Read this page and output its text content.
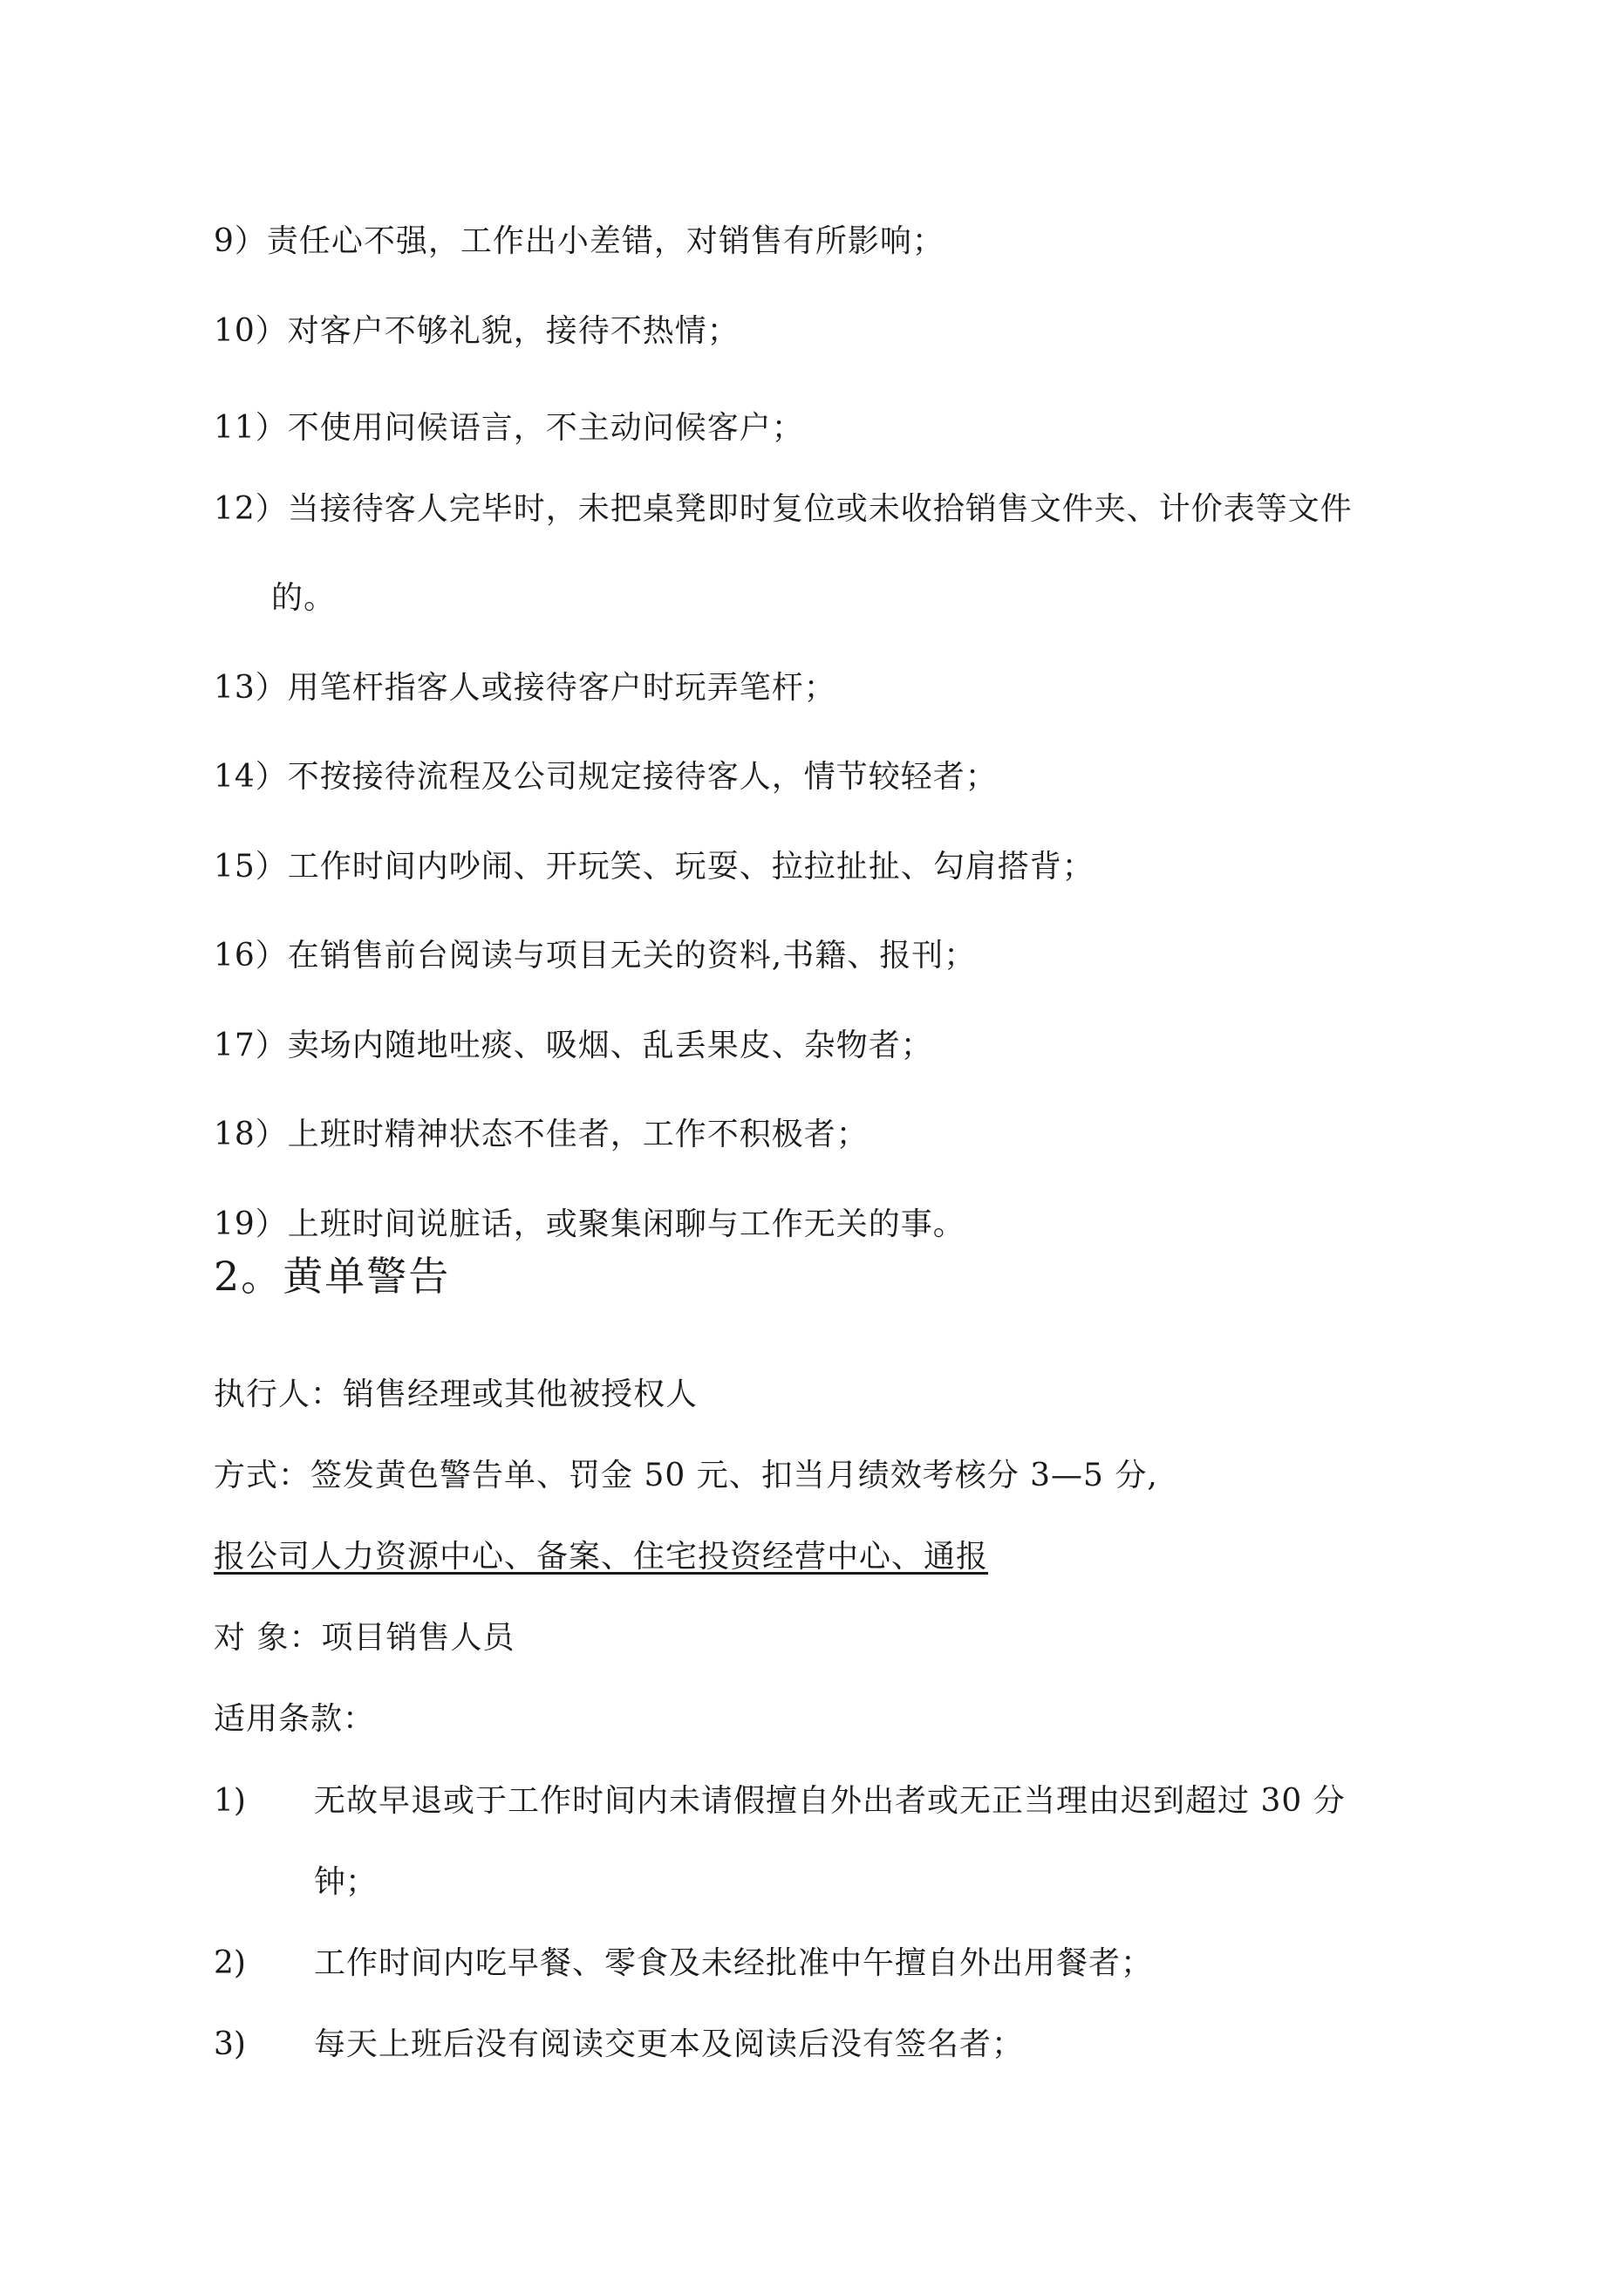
9）责任心不强，工作出小差错，对销售有所影响；
10）对客户不够礼貌，接待不热情；
11）不使用问候语言，不主动问候客户；
12）当接待客人完毕时，未把桌凳即时复位或未收拾销售文件夹、计价表等文件
的。
13）用笔杆指客人或接待客户时玩弄笔杆；
14）不按接待流程及公司规定接待客人，情节较轻者；
15）工作时间内吵闹、开玩笑、玩耍、拉拉扯扯、勾肩搭背；
16）在销售前台阅读与项目无关的资料,书籍、报刊；
17）卖场内随地吐痰、吸烟、乱丢果皮、杂物者；
18）上班时精神状态不佳者，工作不积极者；
19）上班时间说脏话，或聚集闲聊与工作无关的事。
2。黄单警告
执行人：销售经理或其他被授权人
方式：签发黄色警告单、罚金 50 元、扣当月绩效考核分 3—5 分,
报公司人力资源中心、备案、住宅投资经营中心、通报
对 象：项目销售人员
适用条款：
1) 无故早退或于工作时间内未请假擅自外出者或无正当理由迟到超过 30 分
钟；
2) 工作时间内吃早餐、零食及未经批准中午擅自外出用餐者；
3) 每天上班后没有阅读交更本及阅读后没有签名者；
